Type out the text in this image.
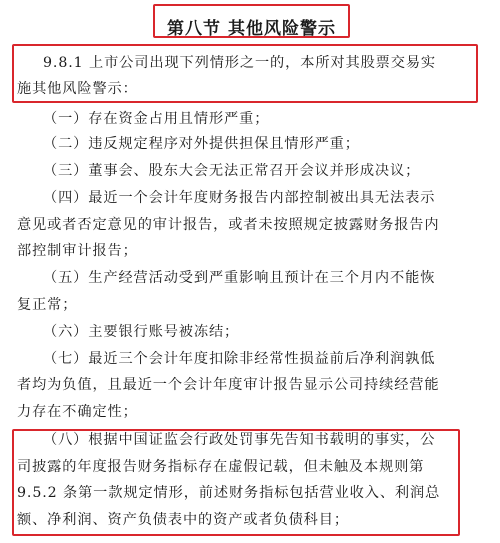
第八节 其他风险警示
9.8.1 上市公司出现下列情形之一的，本所对其股票交易实
施其他风险警示：
（一）存在资金占用且情形严重；
（二）违反规定程序对外提供担保且情形严重；
（三）董事会、股东大会无法正常召开会议并形成决议；
（四）最近一个会计年度财务报告内部控制被出具无法表示
意见或者否定意见的审计报告，或者未按照规定披露财务报告内
部控制审计报告；
（五）生产经营活动受到严重影响且预计在三个月内不能恢
复正常；
（六）主要银行账号被冻结；
（七）最近三个会计年度扣除非经常性损益前后净利润孰低
者均为负值，且最近一个会计年度审计报告显示公司持续经营能
力存在不确定性；
（八）根据中国证监会行政处罚事先告知书载明的事实，公
司披露的年度报告财务指标存在虚假记载，但未触及本规则第
9.5.2 条第一款规定情形，前述财务指标包括营业收入、利润总
额、净利润、资产负债表中的资产或者负债科目；
